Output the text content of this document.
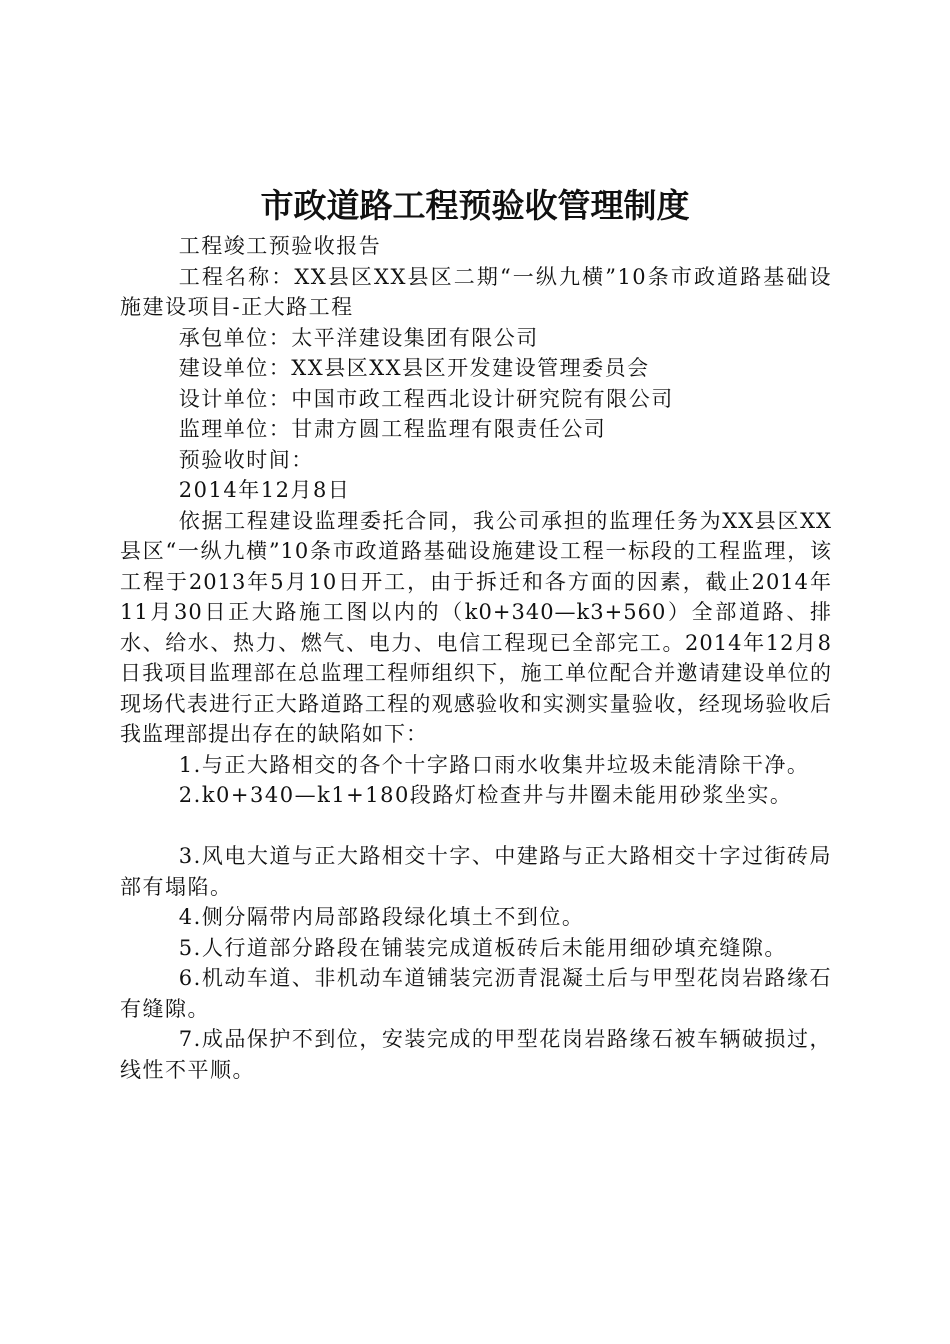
市政道路工程预验收管理制度

工程竣工预验收报告

工程名称：XX县区XX县区二期“一纵九横”10条市政道路基础设施建设项目-正大路工程

承包单位：太平洋建设集团有限公司

建设单位：XX县区XX县区开发建设管理委员会

设计单位：中国市政工程西北设计研究院有限公司

监理单位：甘肃方圆工程监理有限责任公司

预验收时间：

2014年12月8日

依据工程建设监理委托合同，我公司承担的监理任务为XX县区XX县区“一纵九横”10条市政道路基础设施建设工程一标段的工程监理，该工程于2013年5月10日开工，由于拆迁和各方面的因素，截止2014年11月30日正大路施工图以内的（k0+340—k3+560）全部道路、排水、给水、热力、燃气、电力、电信工程现已全部完工。2014年12月8日我项目监理部在总监理工程师组织下，施工单位配合并邀请建设单位的现场代表进行正大路道路工程的观感验收和实测实量验收，经现场验收后我监理部提出存在的缺陷如下：

1.与正大路相交的各个十字路口雨水收集井垃圾未能清除干净。

2.k0+340—k1+180段路灯检查井与井圈未能用砂浆坐实。

3.风电大道与正大路相交十字、中建路与正大路相交十字过街砖局部有塌陷。

4.侧分隔带内局部路段绿化填土不到位。

5.人行道部分路段在铺装完成道板砖后未能用细砂填充缝隙。

6.机动车道、非机动车道铺装完沥青混凝土后与甲型花岗岩路缘石有缝隙。

7.成品保护不到位，安装完成的甲型花岗岩路缘石被车辆破损过，线性不平顺。
